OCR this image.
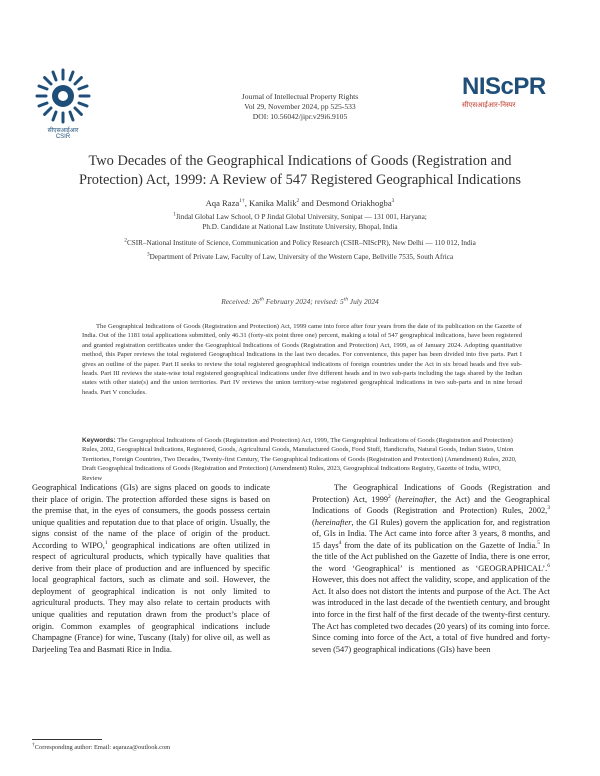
सीएसआईआर
CSIR
NIScPR
सीएसआईआर-निस्पर
Journal of Intellectual Property Rights
Vol 29, November 2024, pp 525-533
DOI: 10.56042/jipr.v29i6.9105
Two Decades of the Geographical Indications of Goods (Registration and
Protection) Act, 1999: A Review of 547 Registered Geographical Indications
Aqa Raza$^{1\dagger}$, Kanika Malik$^2$ and Desmond Oriakhogba$^3$
$^1$Jindal Global Law School, O P Jindal Global University, Sonipat — 131 001, Haryana;
Ph.D. Candidate at National Law Institute University, Bhopal, India
$^2$CSIR–National Institute of Science, Communication and Policy Research (CSIR–NIScPR), New Delhi — 110 012, India
$^3$Department of Private Law, Faculty of Law, University of the Western Cape, Bellville 7535, South Africa
Received: 26th February 2024; revised: 5th July 2024
The Geographical Indications of Goods (Registration and Protection) Act, 1999 came into force after four years from the date of its publication on the Gazette of India. Out of the 1181 total applications submitted, only 46.31 (forty-six point three one) percent, making a total of 547 geographical indications, have been registered and granted registration certificates under the Geographical Indications of Goods (Registration and Protection) Act, 1999, as of January 2024. Adopting quantitative method, this Paper reviews the total registered Geographical Indications in the last two decades. For convenience, this paper has been divided into five parts. Part I gives an outline of the paper. Part II seeks to review the total registered geographical indications of foreign countries under the Act in six broad heads and five sub-heads. Part III reviews the state-wise total registered geographical indications under five different heads and in two sub-parts including the tags shared by the Indian states with other state(s) and the union territories. Part IV reviews the union territory-wise registered geographical indications in two sub-parts and in nine broad heads. Part V concludes.
Keywords: The Geographical Indications of Goods (Registration and Protection) Act, 1999, The Geographical Indications of Goods (Registration and Protection) Rules, 2002, Geographical Indications, Registered, Goods, Agricultural Goods, Manufactured Goods, Food Stuff, Handicrafts, Natural Goods, Indian States, Union Territories, Foreign Countries, Two Decades, Twenty-first Century, The Geographical Indications of Goods (Registration and Protection) (Amendment) Rules, 2020, Draft Geographical Indications of Goods (Registration and Protection) (Amendment) Rules, 2023, Geographical Indications Registry, Gazette of India, WIPO, Review

Geographical Indications (GIs) are signs placed on goods to indicate their place of origin. The protection afforded these signs is based on the premise that, in the eyes of consumers, the goods possess certain unique qualities and reputation due to that place of origin. Usually, the signs consist of the name of the place of origin of the product. According to WIPO,$^1$ geographical indications are often utilized in respect of agricultural products, which typically have qualities that derive from their place of production and are influenced by specific local geographical factors, such as climate and soil. However, the deployment of geographical indication is not only limited to agricultural products. They may also relate to certain products with unique qualities and reputation drawn from the product’s place of origin. Common examples of geographical indications include Champagne (France) for wine, Tuscany (Italy) for olive oil, as well as Darjeeling Tea and Basmati Rice in India.

The Geographical Indications of Goods (Registration and Protection) Act, 1999$^2$ (hereinafter, the Act) and the Geographical Indications of Goods (Registration and Protection) Rules, 2002,$^3$ (hereinafter, the GI Rules) govern the application for, and registration of, GIs in India. The Act came into force after 3 years, 8 months, and 15 days$^4$ from the date of its publication on the Gazette of India.$^5$ In the title of the Act published on the Gazette of India, there is one error, the word ‘Geographical’ is mentioned as ‘GEOGRAPHICAL’.$^6$ However, this does not affect the validity, scope, and application of the Act. It also does not distort the intents and purpose of the Act. The Act was introduced in the last decade of the twentieth century, and brought into force in the first half of the first decade of the twenty-first century. The Act has completed two decades (20 years) of its coming into force. Since coming into force of the Act, a total of five hundred and forty-seven (547) geographical indications (GIs) have been

†Corresponding author: Email: aqaraza@outlook.com
